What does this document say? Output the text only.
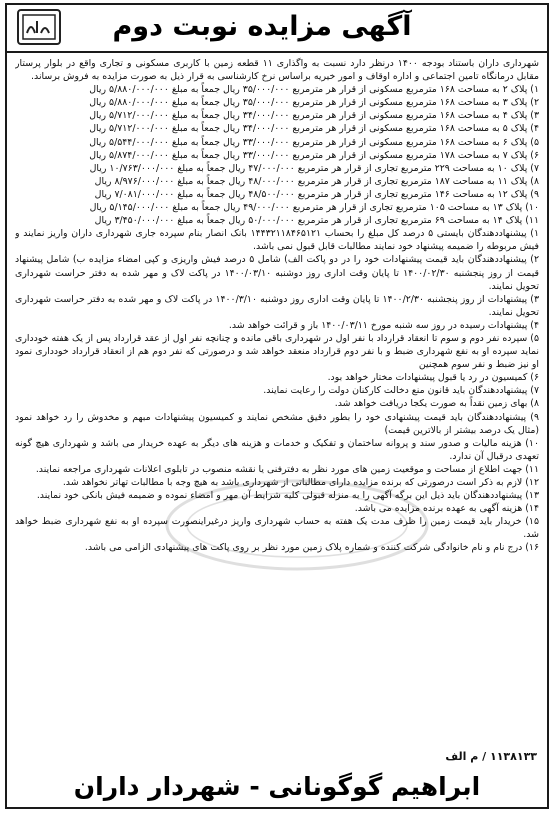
آگهی مزایده نوبت دوم

شهرداری داران باستناد بودجه ۱۴۰۰ درنظر دارد نسبت به واگذاری ۱۱ قطعه زمین با کاربری مسکونی و تجاری واقع در بلوار پرستار مقابل درمانگاه تامین اجتماعی و اداره اوقاف و امور خیریه براساس نرخ کارشناسی به قرار ذیل به صورت مزایده به فروش برساند.

۱) پلاک ۲ به مساحت ۱۶۸ مترمربع مسکونی از قرار هر مترمربع ۳۵/۰۰۰/۰۰۰ ریال جمعاً به مبلغ ۵/۸۸۰/۰۰۰/۰۰۰ ریال

۲) پلاک ۳ به مساحت ۱۶۸ مترمربع مسکونی از قرار هر مترمربع ۳۵/۰۰۰/۰۰۰ ریال جمعاً به مبلغ ۵/۸۸۰/۰۰۰/۰۰۰ ریال

۳) پلاک ۴ به مساحت ۱۶۸ مترمربع مسکونی از قرار هر مترمربع ۳۴/۰۰۰/۰۰۰ ریال جمعاً به مبلغ ۵/۷۱۲/۰۰۰/۰۰۰ ریال

۴) پلاک ۵ به مساحت ۱۶۸ مترمربع مسکونی از قرار هر مترمربع ۳۴/۰۰۰/۰۰۰ ریال جمعاً به مبلغ ۵/۷۱۲/۰۰۰/۰۰۰ ریال

۵) پلاک ۶ به مساحت ۱۶۸ مترمربع مسکونی از قرار هر مترمربع ۳۳/۰۰۰/۰۰۰ ریال جمعاً به مبلغ ۵/۵۴۴/۰۰۰/۰۰۰ ریال

۶) پلاک ۷ به مساحت ۱۷۸ مترمربع مسکونی از قرار هر مترمربع ۳۳/۰۰۰/۰۰۰ ریال جمعاً به مبلغ ۵/۸۷۴/۰۰۰/۰۰۰ ریال

۷) پلاک ۱۰ به مساحت ۲۲۹ مترمربع تجاری از قرار هر مترمربع ۴۷/۰۰۰/۰۰۰ ریال جمعاً به مبلغ ۱۰/۷۶۳/۰۰۰/۰۰۰ ریال

۸) پلاک ۱۱ به مساحت ۱۸۷ مترمربع تجاری از قرار هر مترمربع ۴۸/۰۰۰/۰۰۰ ریال جمعاً به مبلغ ۸/۹۷۶/۰۰۰/۰۰۰ ریال

۹) پلاک ۱۲ به مساحت ۱۴۶ مترمربع تجاری از قرار هر مترمربع ۴۸/۵۰۰/۰۰۰ ریال جمعاً به مبلغ ۷/۰۸۱/۰۰۰/۰۰۰ ریال

۱۰) پلاک ۱۳ به مساحت ۱۰۵ مترمربع تجاری از قرار هر مترمربع ۴۹/۰۰۰/۰۰۰ ریال جمعاً به مبلغ ۵/۱۴۵/۰۰۰/۰۰۰ ریال

۱۱) پلاک ۱۴ به مساحت ۶۹ مترمربع تجاری از قرار هر مترمربع ۵۰/۰۰۰/۰۰۰ ریال جمعاً به مبلغ ۳/۴۵۰/۰۰۰/۰۰۰ ریال

۱) پیشنهاددهندگان بایستی ۵ درصد کل مبلغ را بحساب ۱۴۴۳۲۱۱۸۴۶۵۱۲۱ بانک انصار بنام سپرده جاری شهرداری داران واریز نمایند و فیش مربوطه را ضمیمه پیشنهاد خود نمایند مطالبات قابل قبول نمی باشد.

۲) پیشنهاددهندگان باید قیمت پیشنهادات خود را در دو پاکت الف) شامل ۵ درصد فیش واریزی و کپی امضاء مزایده ب) شامل پیشنهاد قیمت از روز پنجشنبه ۱۴۰۰/۰۲/۳۰ تا پایان وقت اداری روز دوشنبه ۱۴۰۰/۰۳/۱۰ در پاکت لاک و مهر شده به دفتر حراست شهرداری تحویل نمایند.

۳) پیشنهادات از روز پنجشنبه ۱۴۰۰/۲/۳۰ تا پایان وقت اداری روز دوشنبه ۱۴۰۰/۳/۱۰ در پاکت لاک و مهر شده به دفتر حراست شهرداری تحویل نمایند.

۴) پیشنهادات رسیده در روز سه شنبه مورخ ۱۴۰۰/۰۳/۱۱ باز و قرائت خواهد شد.

۵) سپرده نفر دوم و سوم تا انعقاد قرارداد با نفر اول در شهرداری باقی مانده و چنانچه نفر اول از عقد قرارداد پس از یک هفته خودداری نماید سپرده او به نفع شهرداری ضبط و با نفر دوم قرارداد منعقد خواهد شد و درصورتی که نفر دوم هم از انعقاد قرارداد خودداری نمود او نیز ضبط و نفر سوم همچنین

۶) کمیسیون در رد یا قبول پیشنهادات مختار خواهد بود.

۷) پیشنهاددهندگان باید قانون منع دخالت کارکنان دولت را رعایت نمایند.

۸) بهای زمین نقداً به صورت یکجا دریافت خواهد شد.

۹) پیشنهاددهندگان باید قیمت پیشنهادی خود را بطور دقیق مشخص نمایند و کمیسیون پیشنهادات مبهم و مخدوش را رد خواهد نمود (مثال یک درصد بیشتر از بالاترین قیمت)

۱۰) هزینه مالیات و صدور سند و پروانه ساختمان و تفکیک و خدمات و هزینه های دیگر به عهده خریدار می باشد و شهرداری هیچ گونه تعهدی درقبال آن ندارد.

۱۱) جهت اطلاع از مساحت و موقعیت زمین های مورد نظر به دفترفنی یا نقشه منصوب در تابلوی اعلانات شهرداری مراجعه نمایند.

۱۲) لازم به ذکر است درصورتی که برنده مزایده دارای مطالباتی از شهرداری باشد به هیچ وجه با مطالبات تهاتر نخواهد شد.

۱۳) پیشنهاددهندگان باید ذیل این برگه آگهی را به منزله قبولی کلیه شرایط آن مهر و امضاء نموده و ضمیمه فیش بانکی خود نمایند.

۱۴) هزینه آگهی به عهده برنده مزایده می باشد.

۱۵) خریدار باید قیمت زمین را ظرف مدت یک هفته به حساب شهرداری واریز درغیراینصورت سپرده او به نفع شهرداری ضبط خواهد شد.

۱۶) درج نام و نام خانوادگی شرکت کننده و شماره پلاک زمین مورد نظر بر روی پاکت های پیشنهادی الزامی می باشد.

۱۱۳۸۱۳۳ / م الف
ابراهیم گوگونانی - شهردار داران
